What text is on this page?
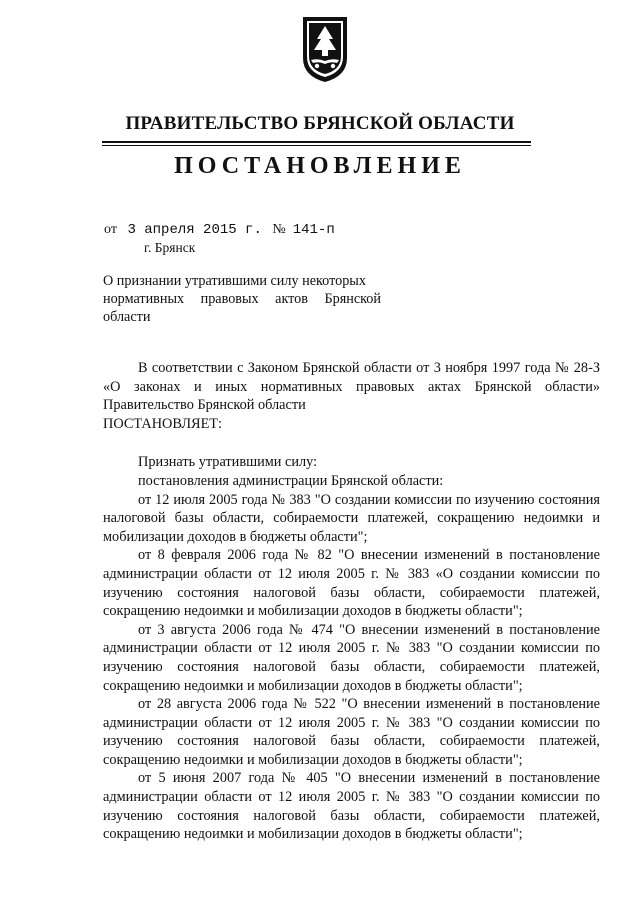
ПРАВИТЕЛЬСТВО БРЯНСКОЙ ОБЛАСТИ
ПОСТАНОВЛЕНИЕ
от 3 апреля 2015 г. № 141-п
г. Брянск
О признании утратившими силу некоторых
нормативных правовых актов Брянской
области

В соответствии с Законом Брянской области от 3 ноября 1997 года № 28-З «О законах и иных нормативных правовых актах Брянской области» Правительство Брянской области

ПОСТАНОВЛЯЕТ:

Признать утратившими силу:

постановления администрации Брянской области:

от 12 июля 2005 года № 383 "О создании комиссии по изучению состояния налоговой базы области, собираемости платежей, сокращению недоимки и мобилизации доходов в бюджеты области";

от 8 февраля 2006 года № 82 "О внесении изменений в постановление администрации области от 12 июля 2005 г. № 383 «О создании комиссии по изучению состояния налоговой базы области, собираемости платежей, сокращению недоимки и мобилизации доходов в бюджеты области";

от 3 августа 2006 года № 474 "О внесении изменений в постановление администрации области от 12 июля 2005 г. № 383 "О создании комиссии по изучению состояния налоговой базы области, собираемости платежей, сокращению недоимки и мобилизации доходов в бюджеты области";

от 28 августа 2006 года № 522 "О внесении изменений в постановление администрации области от 12 июля 2005 г. № 383 "О создании комиссии по изучению состояния налоговой базы области, собираемости платежей, сокращению недоимки и мобилизации доходов в бюджеты области";

от 5 июня 2007 года № 405 "О внесении изменений в постановление администрации области от 12 июля 2005 г. № 383 "О создании комиссии по изучению состояния налоговой базы области, собираемости платежей, сокращению недоимки и мобилизации доходов в бюджеты области";
